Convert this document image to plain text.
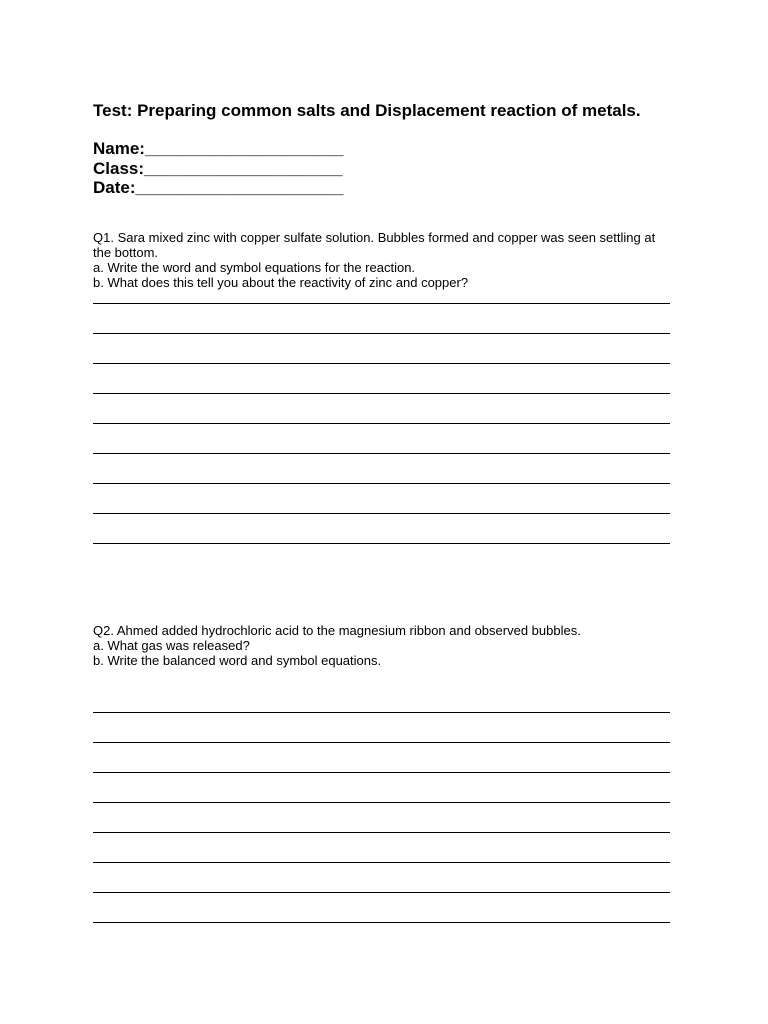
Test: Preparing common salts and Displacement reaction of metals.
Name:_____________________
Class:_____________________
Date:______________________

Q1. Sara mixed zinc with copper sulfate solution. Bubbles formed and copper was seen settling at the bottom.

a. Write the word and symbol equations for the reaction.

b. What does this tell you about the reactivity of zinc and copper?

Q2. Ahmed added hydrochloric acid to the magnesium ribbon and observed bubbles.

a. What gas was released?

b. Write the balanced word and symbol equations.
